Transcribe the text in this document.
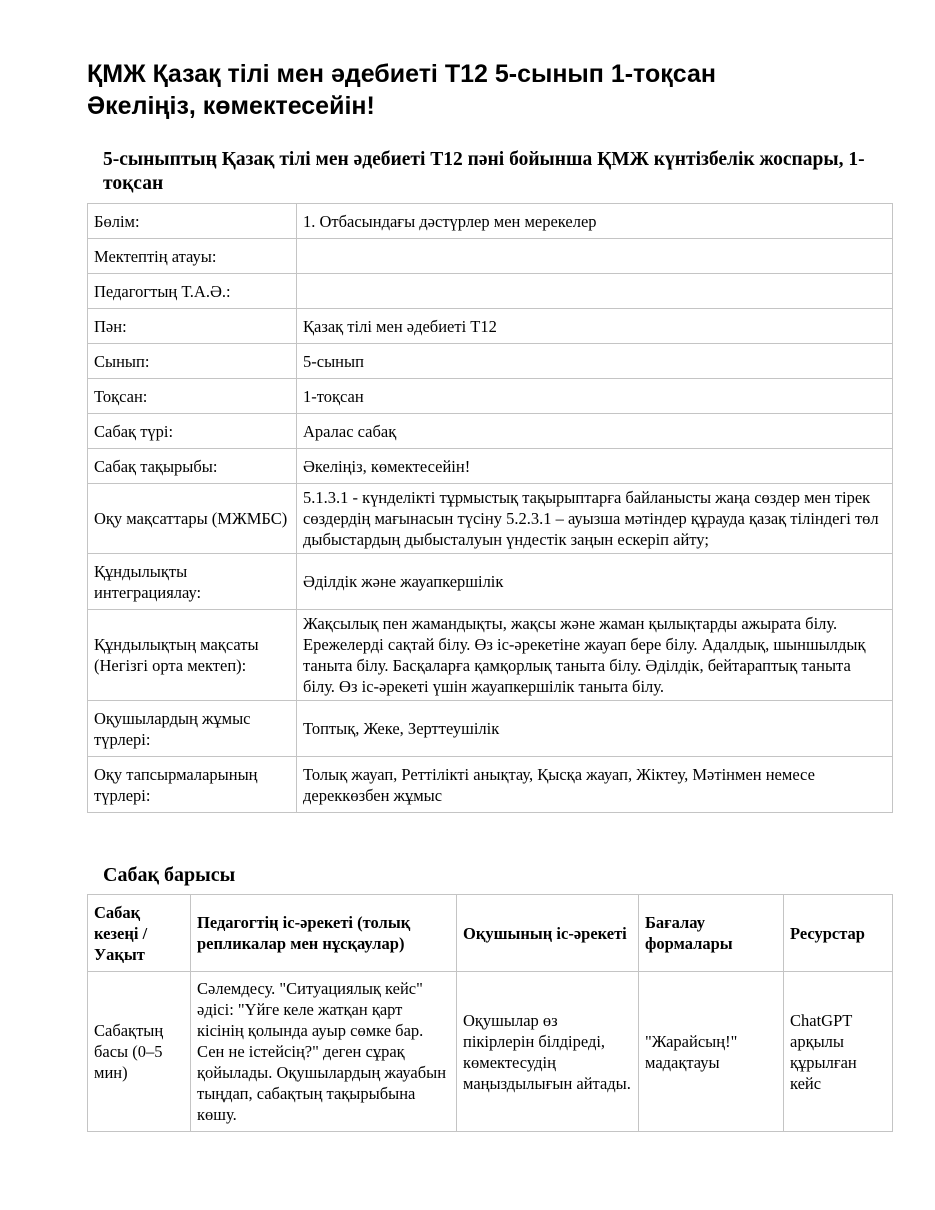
ҚМЖ Қазақ тілі мен әдебиеті Т12 5-сынып 1-тоқсан
Әкеліңіз, көмектесейін!
5-сыныптың Қазақ тілі мен әдебиеті Т12 пәні бойынша ҚМЖ күнтізбелік жоспары, 1-тоқсан
Бөлім:	1. Отбасындағы дәстүрлер мен мерекелер
Мектептің атауы:	
Педагогтың Т.А.Ә.:	
Пән:	Қазақ тілі мен әдебиеті Т12
Сынып:	5-сынып
Тоқсан:	1-тоқсан
Сабақ түрі:	Аралас сабақ
Сабақ тақырыбы:	Әкеліңіз, көмектесейін!
Оқу мақсаттары (МЖМБС)	5.1.3.1 - күнделікті тұрмыстық тақырыптарға байланысты жаңа сөздер мен тірек сөздердің мағынасын түсіну 5.2.3.1 – ауызша мәтіндер құрауда қазақ тіліндегі төл дыбыстардың дыбысталуын үндестік заңын ескеріп айту;
Құндылықты интеграциялау:	Әділдік және жауапкершілік
Құндылықтың мақсаты (Негізгі орта мектеп):	Жақсылық пен жамандықты, жақсы және жаман қылықтарды ажырата білу. Ережелерді сақтай білу. Өз іс-әрекетіне жауап бере білу. Адалдық, шыншылдық таныта білу. Басқаларға қамқорлық таныта білу. Әділдік, бейтараптық таныта білу. Өз іс-әрекеті үшін жауапкершілік таныта білу.
Оқушылардың жұмыс түрлері:	Топтық, Жеке, Зерттеушілік
Оқу тапсырмаларының түрлері:	Толық жауап, Реттілікті анықтау, Қысқа жауап, Жіктеу, Мәтінмен немесе дереккөзбен жұмыс
Сабақ барысы
Сабақ кезеңі / Уақыт	Педагогтің іс-әрекеті (толық репликалар мен нұсқаулар)	Оқушының іс-әрекеті	Бағалау формалары	Ресурстар
Сабақтың басы (0–5 мин)	Сәлемдесу. "Ситуациялық кейс" әдісі: "Үйге келе жатқан қарт кісінің қолында ауыр сөмке бар. Сен не істейсің?" деген сұрақ қойылады. Оқушылардың жауабын тыңдап, сабақтың тақырыбына көшу.	Оқушылар өз пікірлерін білдіреді, көмектесудің маңыздылығын айтады.	"Жарайсың!" мадақтауы	ChatGPT арқылы құрылған кейс
